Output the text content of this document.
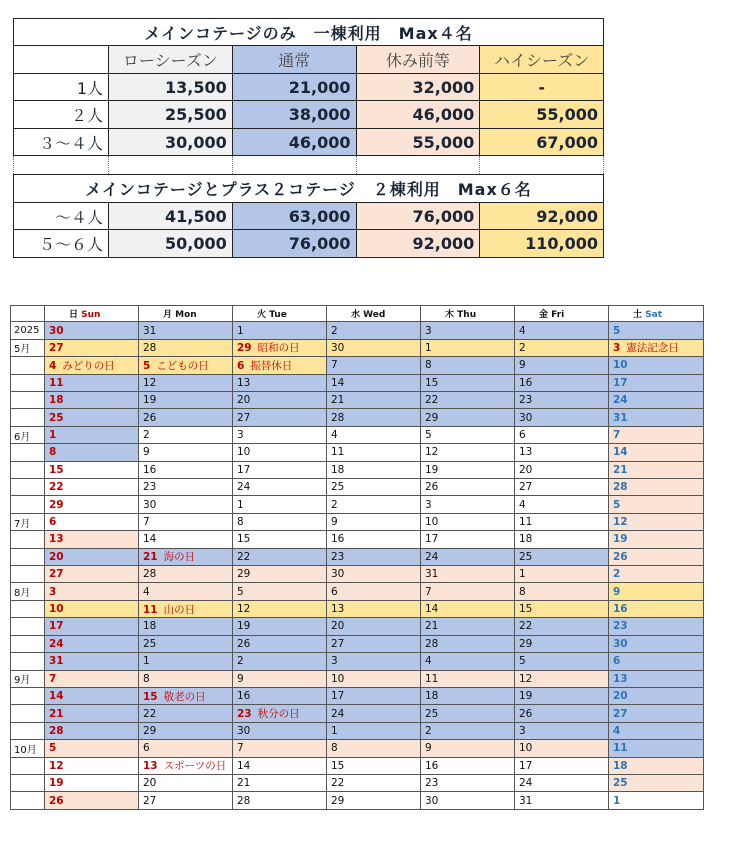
メインコテージのみ　一棟利用　Max４名				
	ローシーズン	通常	休み前等	ハイシーズン
1人	13,500	21,000	32,000	-
２人	25,500	38,000	46,000	55,000
３～４人	30,000	46,000	55,000	67,000

メインコテージとプラス２コテージ　２棟利用　Max６名				
～４人	41,500	63,000	76,000	92,000
５～６人	50,000	76,000	92,000	110,000
	日 Sun	月 Mon	火 Tue	水 Wed	木 Thu	金 Fri	土 Sat
2025	30	31	1	2	3	4	5
5月	27	28	29 昭和の日	30	1	2	3 憲法記念日
	4 みどりの日	5 こどもの日	6 振替休日	7	8	9	10
	11	12	13	14	15	16	17
	18	19	20	21	22	23	24
	25	26	27	28	29	30	31
6月	1	2	3	4	5	6	7
	8	9	10	11	12	13	14
	15	16	17	18	19	20	21
	22	23	24	25	26	27	28
	29	30	1	2	3	4	5
7月	6	7	8	9	10	11	12
	13	14	15	16	17	18	19
	20	21 海の日	22	23	24	25	26
	27	28	29	30	31	1	2
8月	3	4	5	6	7	8	9
	10	11 山の日	12	13	14	15	16
	17	18	19	20	21	22	23
	24	25	26	27	28	29	30
	31	1	2	3	4	5	6
9月	7	8	9	10	11	12	13
	14	15 敬老の日	16	17	18	19	20
	21	22	23 秋分の日	24	25	26	27
	28	29	30	1	2	3	4
10月	5	6	7	8	9	10	11
	12	13 スポーツの日	14	15	16	17	18
	19	20	21	22	23	24	25
	26	27	28	29	30	31	1
